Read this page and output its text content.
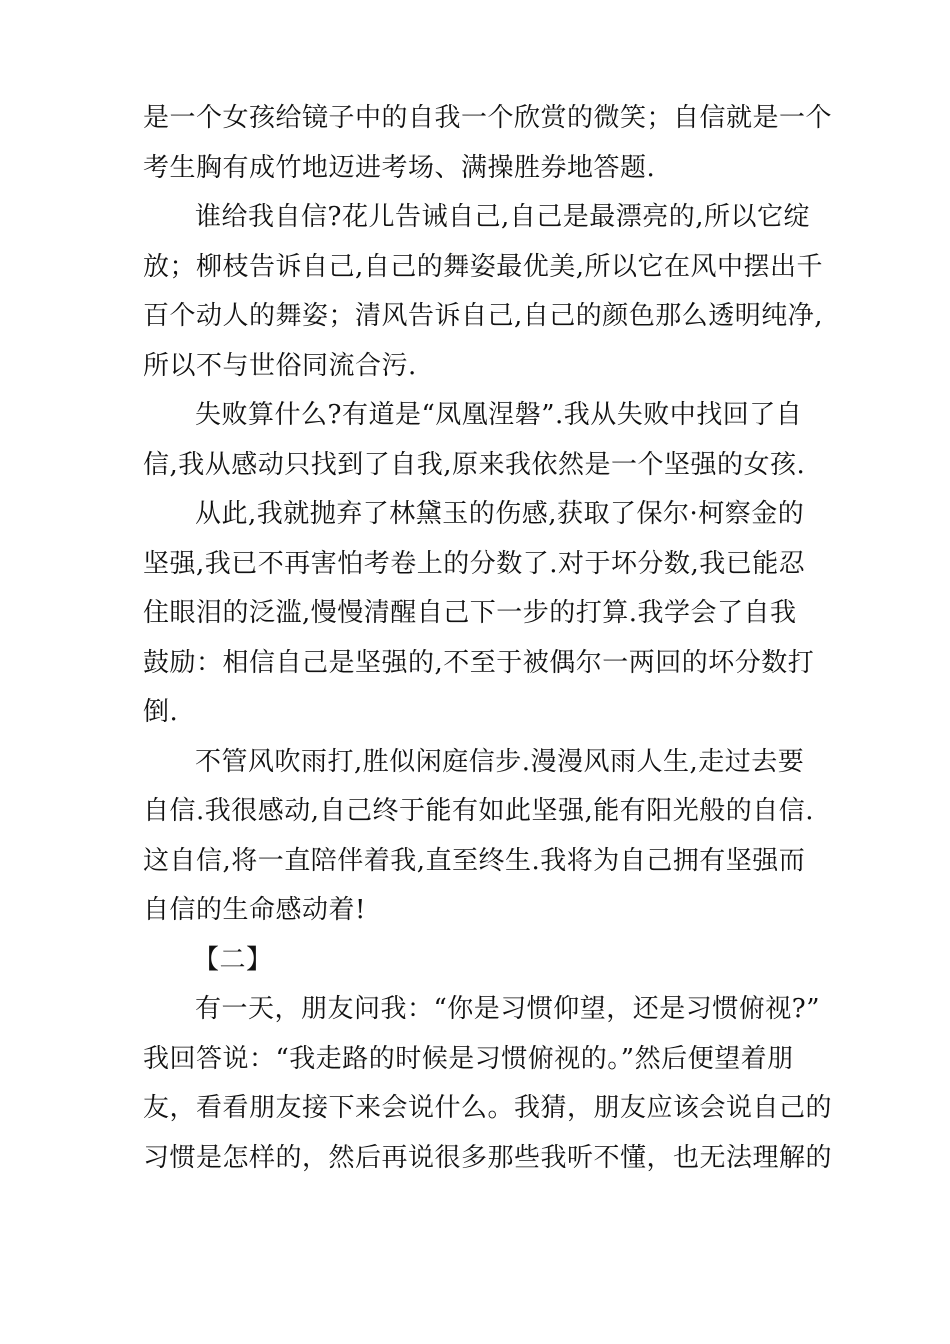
是一个女孩给镜子中的自我一个欣赏的微笑；自信就是一个
考生胸有成竹地迈进考场、满操胜券地答题.
谁给我自信?花儿告诫自己,自己是最漂亮的,所以它绽
放；柳枝告诉自己,自己的舞姿最优美,所以它在风中摆出千
百个动人的舞姿；清风告诉自己,自己的颜色那么透明纯净,
所以不与世俗同流合污.
失败算什么?有道是“凤凰涅磐”.我从失败中找回了自
信,我从感动只找到了自我,原来我依然是一个坚强的女孩.
从此,我就抛弃了林黛玉的伤感,获取了保尔·柯察金的
坚强,我已不再害怕考卷上的分数了.对于坏分数,我已能忍
住眼泪的泛滥,慢慢清醒自己下一步的打算.我学会了自我
鼓励：相信自己是坚强的,不至于被偶尔一两回的坏分数打
倒.
不管风吹雨打,胜似闲庭信步.漫漫风雨人生,走过去要
自信.我很感动,自己终于能有如此坚强,能有阳光般的自信.
这自信,将一直陪伴着我,直至终生.我将为自己拥有坚强而
自信的生命感动着!
【二】
有一天，朋友问我：“你是习惯仰望，还是习惯俯视?”
我回答说：“我走路的时候是习惯俯视的。”然后便望着朋
友，看看朋友接下来会说什么。我猜，朋友应该会说自己的
习惯是怎样的，然后再说很多那些我听不懂，也无法理解的
